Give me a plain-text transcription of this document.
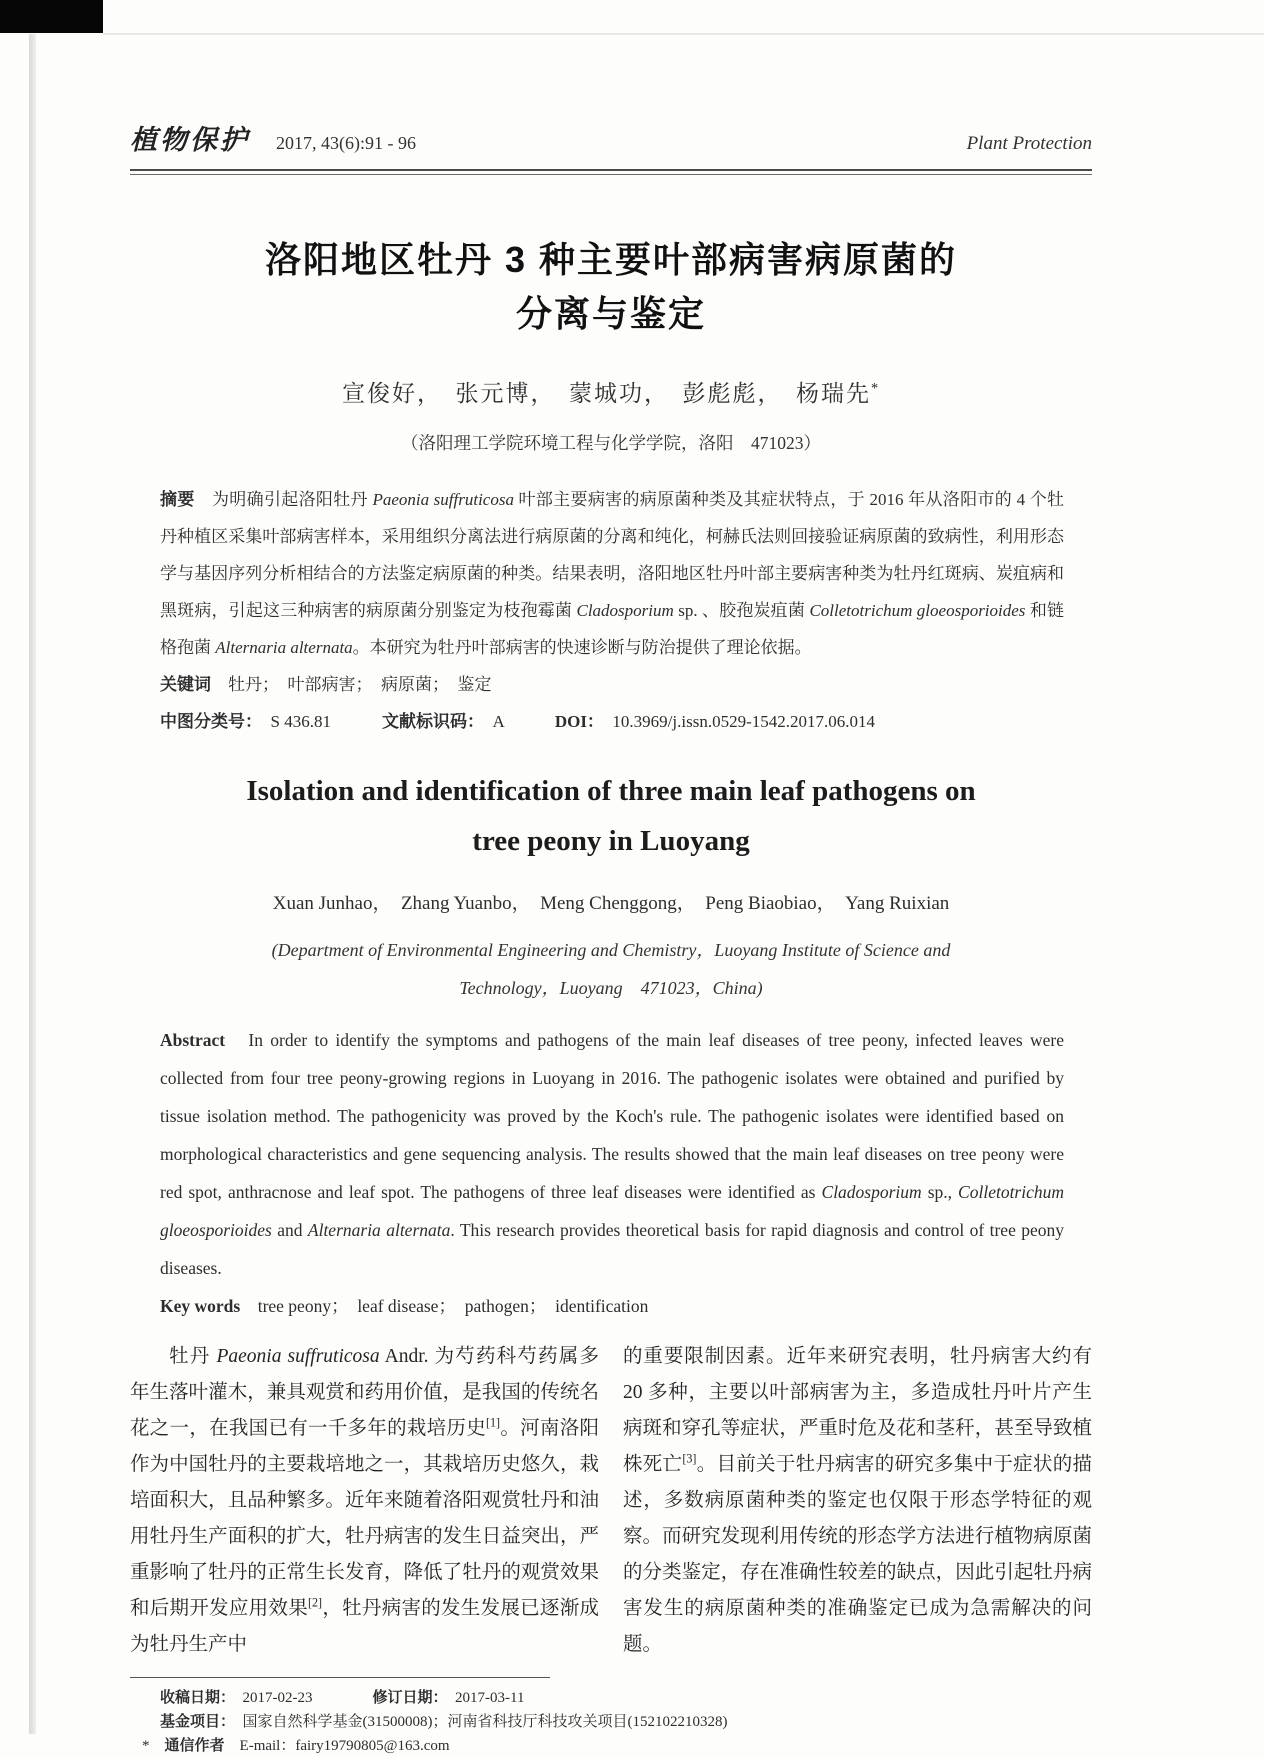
植物保护 2017, 43(6):91 - 96	Plant Protection
洛阳地区牡丹 3 种主要叶部病害病原菌的
分离与鉴定
宣俊好，　张元博，　蒙城功，　彭彪彪，　杨瑞先*
（洛阳理工学院环境工程与化学学院，洛阳　471023）
摘要　为明确引起洛阳牡丹 Paeonia suffruticosa 叶部主要病害的病原菌种类及其症状特点，于 2016 年从洛阳市的 4 个牡丹种植区采集叶部病害样本，采用组织分离法进行病原菌的分离和纯化，柯赫氏法则回接验证病原菌的致病性，利用形态学与基因序列分析相结合的方法鉴定病原菌的种类。结果表明，洛阳地区牡丹叶部主要病害种类为牡丹红斑病、炭疽病和黑斑病，引起这三种病害的病原菌分别鉴定为枝孢霉菌 Cladosporium sp. 、胶孢炭疽菌 Colletotrichum gloeosporioides 和链格孢菌 Alternaria alternata。本研究为牡丹叶部病害的快速诊断与防治提供了理论依据。
关键词　牡丹；　叶部病害；　病原菌；　鉴定
中图分类号：　S 436.81　　　文献标识码：　A　　　DOI：　10.3969/j.issn.0529-1542.2017.06.014
Isolation and identification of three main leaf pathogens on
tree peony in Luoyang
Xuan Junhao，　Zhang Yuanbo，　Meng Chenggong，　Peng Biaobiao，　Yang Ruixian
(Department of Environmental Engineering and Chemistry，Luoyang Institute of Science and
Technology，Luoyang　471023，China)
Abstract　In order to identify the symptoms and pathogens of the main leaf diseases of tree peony, infected leaves were collected from four tree peony-growing regions in Luoyang in 2016. The pathogenic isolates were obtained and purified by tissue isolation method. The pathogenicity was proved by the Koch's rule. The pathogenic isolates were identified based on morphological characteristics and gene sequencing analysis. The results showed that the main leaf diseases on tree peony were red spot, anthracnose and leaf spot. The pathogens of three leaf diseases were identified as Cladosporium sp., Colletotrichum gloeosporioides and Alternaria alternata. This research provides theoretical basis for rapid diagnosis and control of tree peony diseases.
Key words　tree peony；　leaf disease；　pathogen；　identification

牡丹 Paeonia suffruticosa Andr. 为芍药科芍药属多年生落叶灌木，兼具观赏和药用价值，是我国的传统名花之一，在我国已有一千多年的栽培历史[1]。河南洛阳作为中国牡丹的主要栽培地之一，其栽培历史悠久，栽培面积大，且品种繁多。近年来随着洛阳观赏牡丹和油用牡丹生产面积的扩大，牡丹病害的发生日益突出，严重影响了牡丹的正常生长发育，降低了牡丹的观赏效果和后期开发应用效果[2]，牡丹病害的发生发展已逐渐成为牡丹生产中

的重要限制因素。近年来研究表明，牡丹病害大约有 20 多种，主要以叶部病害为主，多造成牡丹叶片产生病斑和穿孔等症状，严重时危及花和茎秆，甚至导致植株死亡[3]。目前关于牡丹病害的研究多集中于症状的描述，多数病原菌种类的鉴定也仅限于形态学特征的观察。而研究发现利用传统的形态学方法进行植物病原菌的分类鉴定，存在准确性较差的缺点，因此引起牡丹病害发生的病原菌种类的准确鉴定已成为急需解决的问题。

收稿日期：　2017-02-23　　　　修订日期：　2017-03-11
基金项目：　国家自然科学基金(31500008)；河南省科技厅科技攻关项目(152102210328)
*　通信作者　E-mail：fairy19790805@163.com
